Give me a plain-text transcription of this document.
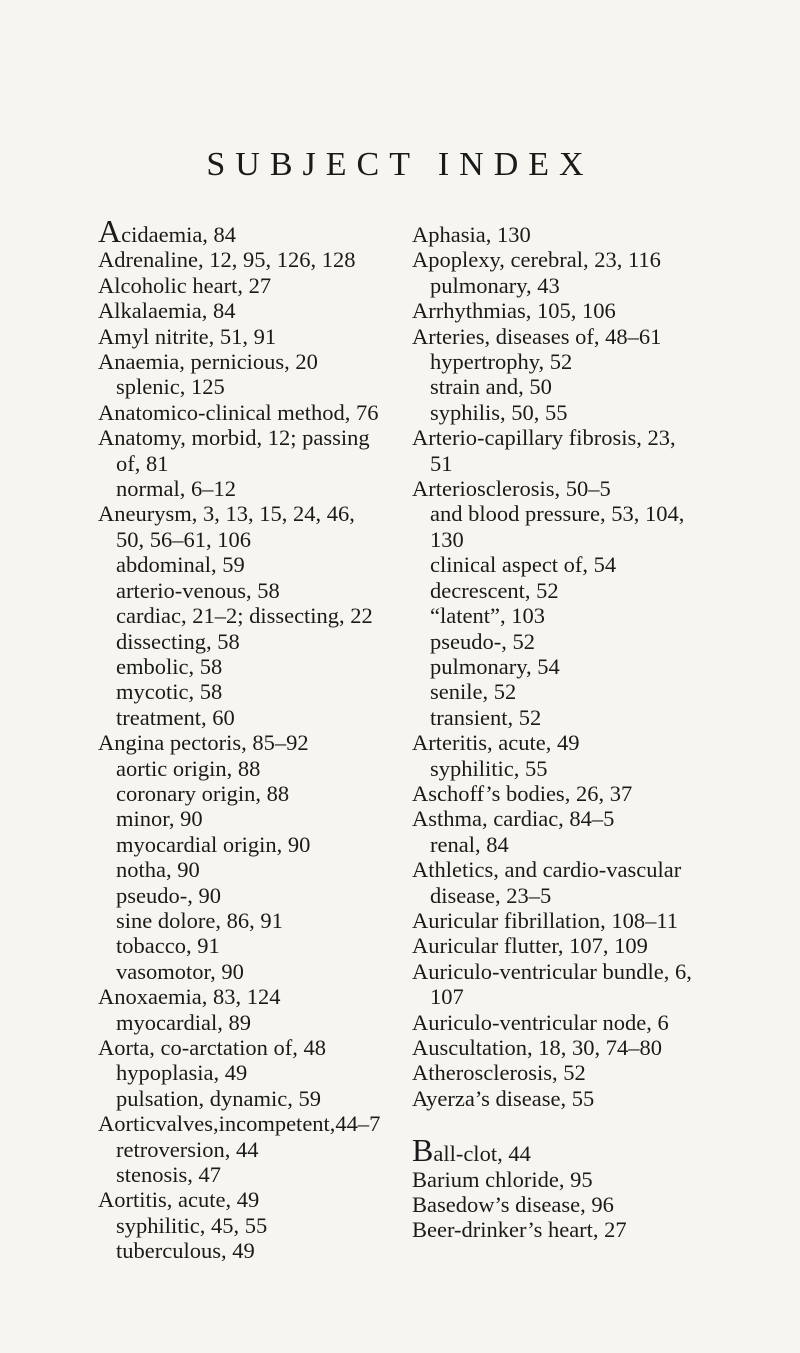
SUBJECT INDEX
Acidaemia, 84
Adrenaline, 12, 95, 126, 128
Alcoholic heart, 27
Alkalaemia, 84
Amyl nitrite, 51, 91
Anaemia, pernicious, 20
splenic, 125
Anatomico-clinical method, 76
Anatomy, morbid, 12; passing
of, 81
normal, 6–12
Aneurysm, 3, 13, 15, 24, 46,
50, 56–61, 106
abdominal, 59
arterio-venous, 58
cardiac, 21–2; dissecting, 22
dissecting, 58
embolic, 58
mycotic, 58
treatment, 60
Angina pectoris, 85–92
aortic origin, 88
coronary origin, 88
minor, 90
myocardial origin, 90
notha, 90
pseudo-, 90
sine dolore, 86, 91
tobacco, 91
vasomotor, 90
Anoxaemia, 83, 124
myocardial, 89
Aorta, co-arctation of, 48
hypoplasia, 49
pulsation, dynamic, 59
Aorticvalves,incompetent,44–7
retroversion, 44
stenosis, 47
Aortitis, acute, 49
syphilitic, 45, 55
tuberculous, 49
Aphasia, 130
Apoplexy, cerebral, 23, 116
pulmonary, 43
Arrhythmias, 105, 106
Arteries, diseases of, 48–61
hypertrophy, 52
strain and, 50
syphilis, 50, 55
Arterio-capillary fibrosis, 23,
51
Arteriosclerosis, 50–5
and blood pressure, 53, 104,
130
clinical aspect of, 54
decrescent, 52
“latent”, 103
pseudo-, 52
pulmonary, 54
senile, 52
transient, 52
Arteritis, acute, 49
syphilitic, 55
Aschoff’s bodies, 26, 37
Asthma, cardiac, 84–5
renal, 84
Athletics, and cardio-vascular
disease, 23–5
Auricular fibrillation, 108–11
Auricular flutter, 107, 109
Auriculo-ventricular bundle, 6,
107
Auriculo-ventricular node, 6
Auscultation, 18, 30, 74–80
Atherosclerosis, 52
Ayerza’s disease, 55
Ball-clot, 44
Barium chloride, 95
Basedow’s disease, 96
Beer-drinker’s heart, 27
